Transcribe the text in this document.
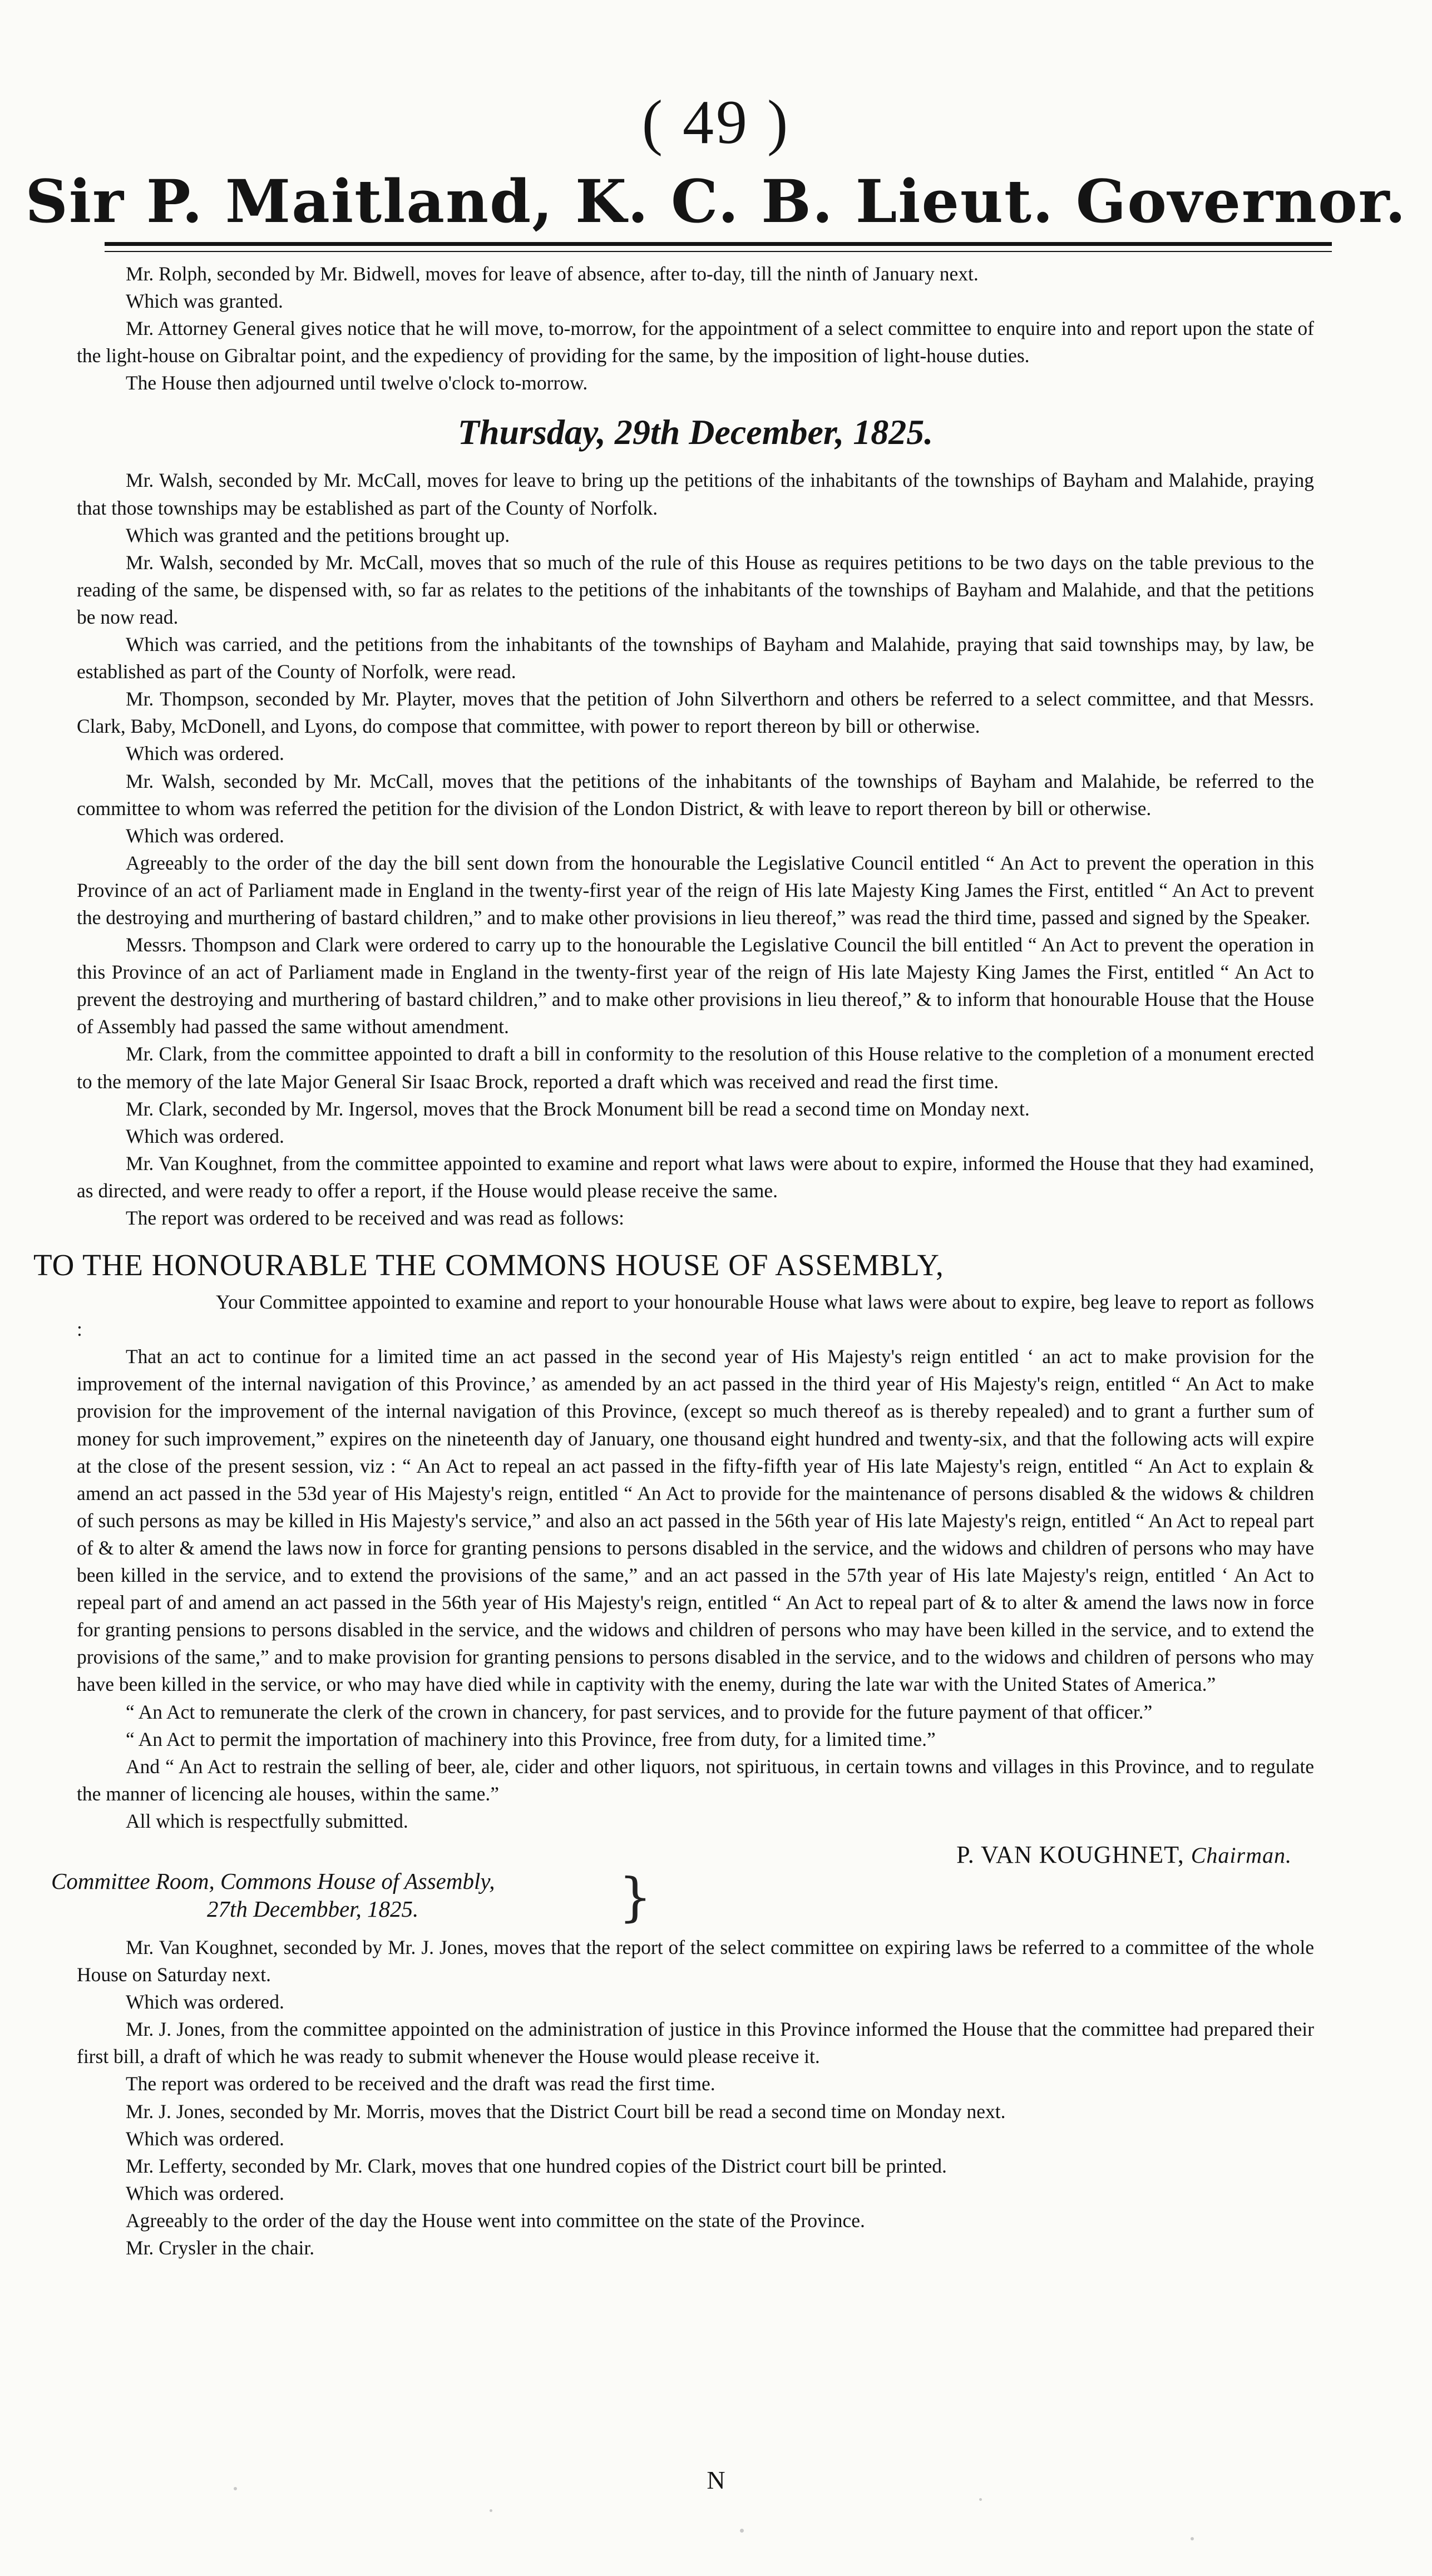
( 49 )
Sir P. Maitland, K. C. B. Lieut. Governor.

Mr. Rolph, seconded by Mr. Bidwell, moves for leave of absence, after to-day, till the ninth of January next.

Which was granted.

Mr. Attorney General gives notice that he will move, to-morrow, for the appointment of a select committee to enquire into and report upon the state of the light-house on Gibraltar point, and the expediency of providing for the same, by the imposition of light-house duties.

The House then adjourned until twelve o'clock to-morrow.

Thursday, 29th December, 1825.

Mr. Walsh, seconded by Mr. McCall, moves for leave to bring up the petitions of the inhabitants of the townships of Bayham and Malahide, praying that those townships may be established as part of the County of Norfolk.

Which was granted and the petitions brought up.

Mr. Walsh, seconded by Mr. McCall, moves that so much of the rule of this House as requires petitions to be two days on the table previous to the reading of the same, be dispensed with, so far as relates to the petitions of the inhabitants of the townships of Bayham and Malahide, and that the petitions be now read.

Which was carried, and the petitions from the inhabitants of the townships of Bayham and Malahide, praying that said townships may, by law, be established as part of the County of Norfolk, were read.

Mr. Thompson, seconded by Mr. Playter, moves that the petition of John Silverthorn and others be referred to a select committee, and that Messrs. Clark, Baby, McDonell, and Lyons, do compose that committee, with power to report thereon by bill or otherwise.

Which was ordered.

Mr. Walsh, seconded by Mr. McCall, moves that the petitions of the inhabitants of the townships of Bayham and Malahide, be referred to the committee to whom was referred the petition for the division of the London District, & with leave to report thereon by bill or otherwise.

Which was ordered.

Agreeably to the order of the day the bill sent down from the honourable the Legislative Council entitled “ An Act to prevent the operation in this Province of an act of Parliament made in England in the twenty-first year of the reign of His late Majesty King James the First, entitled “ An Act to prevent the destroying and murthering of bastard children,” and to make other provisions in lieu thereof,” was read the third time, passed and signed by the Speaker.

Messrs. Thompson and Clark were ordered to carry up to the honourable the Legislative Council the bill entitled “ An Act to prevent the operation in this Province of an act of Parliament made in England in the twenty-first year of the reign of His late Majesty King James the First, entitled “ An Act to prevent the destroying and murthering of bastard children,” and to make other provisions in lieu thereof,” & to inform that honourable House that the House of Assembly had passed the same without amendment.

Mr. Clark, from the committee appointed to draft a bill in conformity to the resolution of this House relative to the completion of a monument erected to the memory of the late Major General Sir Isaac Brock, reported a draft which was received and read the first time.

Mr. Clark, seconded by Mr. Ingersol, moves that the Brock Monument bill be read a second time on Monday next.

Which was ordered.

Mr. Van Koughnet, from the committee appointed to examine and report what laws were about to expire, informed the House that they had examined, as directed, and were ready to offer a report, if the House would please receive the same.

The report was ordered to be received and was read as follows:

TO THE HONOURABLE THE COMMONS HOUSE OF ASSEMBLY,

Your Committee appointed to examine and report to your honourable House what laws were about to expire, beg leave to report as follows :

That an act to continue for a limited time an act passed in the second year of His Majesty's reign entitled ‘ an act to make provision for the improvement of the internal navigation of this Province,’ as amended by an act passed in the third year of His Majesty's reign, entitled “ An Act to make provision for the improvement of the internal navigation of this Province, (except so much thereof as is thereby repealed) and to grant a further sum of money for such improvement,” expires on the nineteenth day of January, one thousand eight hundred and twenty-six, and that the following acts will expire at the close of the present session, viz : “ An Act to repeal an act passed in the fifty-fifth year of His late Majesty's reign, entitled “ An Act to explain & amend an act passed in the 53d year of His Majesty's reign, entitled “ An Act to provide for the maintenance of persons disabled & the widows & children of such persons as may be killed in His Majesty's service,” and also an act passed in the 56th year of His late Majesty's reign, entitled “ An Act to repeal part of & to alter & amend the laws now in force for granting pensions to persons disabled in the service, and the widows and children of persons who may have been killed in the service, and to extend the provisions of the same,” and an act passed in the 57th year of His late Majesty's reign, entitled ‘ An Act to repeal part of and amend an act passed in the 56th year of His Majesty's reign, entitled “ An Act to repeal part of & to alter & amend the laws now in force for granting pensions to persons disabled in the service, and the widows and children of persons who may have been killed in the service, and to extend the provisions of the same,” and to make provision for granting pensions to persons disabled in the service, and to the widows and children of persons who may have been killed in the service, or who may have died while in captivity with the enemy, during the late war with the United States of America.”

“ An Act to remunerate the clerk of the crown in chancery, for past services, and to provide for the future payment of that officer.”

“ An Act to permit the importation of machinery into this Province, free from duty, for a limited time.”

And “ An Act to restrain the selling of beer, ale, cider and other liquors, not spirituous, in certain towns and villages in this Province, and to regulate the manner of licencing ale houses, within the same.”

All which is respectfully submitted.

P. VAN KOUGHNET, Chairman.
Committee Room, Commons House of Assembly,
27th Decembber, 1825.	}

Mr. Van Koughnet, seconded by Mr. J. Jones, moves that the report of the select committee on expiring laws be referred to a committee of the whole House on Saturday next.

Which was ordered.

Mr. J. Jones, from the committee appointed on the administration of justice in this Province informed the House that the committee had prepared their first bill, a draft of which he was ready to submit whenever the House would please receive it.

The report was ordered to be received and the draft was read the first time.

Mr. J. Jones, seconded by Mr. Morris, moves that the District Court bill be read a second time on Monday next.

Which was ordered.

Mr. Lefferty, seconded by Mr. Clark, moves that one hundred copies of the District court bill be printed.

Which was ordered.

Agreeably to the order of the day the House went into committee on the state of the Province.

Mr. Crysler in the chair.

N
